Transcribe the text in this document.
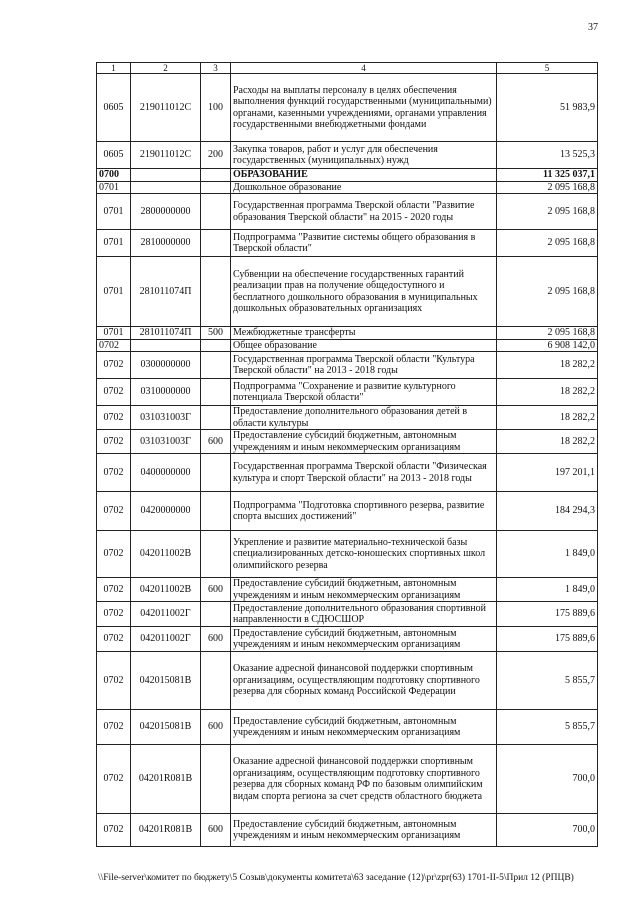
37
1	2	3	4	5
0605	219011012С	100	Расходы на выплаты персоналу в целях обеспечения выполнения функций государственными (муниципальными) органами, казенными учреждениями, органами управления государственными внебюджетными фондами	51 983,9
0605	219011012С	200	Закупка товаров, работ и услуг для обеспечения государственных (муниципальных) нужд	13 525,3
0700			ОБРАЗОВАНИЕ	11 325 037,1
0701			Дошкольное образование	2 095 168,8
0701	2800000000		Государственная программа Тверской области "Развитие образования Тверской области" на 2015 - 2020 годы	2 095 168,8
0701	2810000000		Подпрограмма "Развитие системы общего образования в Тверской области"	2 095 168,8
0701	281011074П		Субвенции на обеспечение государственных гарантий реализации прав на получение общедоступного и бесплатного дошкольного образования в муниципальных дошкольных образовательных организациях	2 095 168,8
0701	281011074П	500	Межбюджетные трансферты	2 095 168,8
0702			Общее образование	6 908 142,0
0702	0300000000		Государственная программа Тверской области "Культура Тверской области" на 2013 - 2018 годы	18 282,2
0702	0310000000		Подпрограмма "Сохранение и развитие культурного потенциала Тверской области"	18 282,2
0702	031031003Г		Предоставление дополнительного образования детей в области культуры	18 282,2
0702	031031003Г	600	Предоставление субсидий бюджетным, автономным учреждениям и иным некоммерческим организациям	18 282,2
0702	0400000000		Государственная программа Тверской области "Физическая культура и спорт Тверской области" на 2013 - 2018 годы	197 201,1
0702	0420000000		Подпрограмма "Подготовка спортивного резерва, развитие спорта высших достижений"	184 294,3
0702	042011002В		Укрепление и развитие материально-технической базы специализированных детско-юношеских спортивных школ олимпийского резерва	1 849,0
0702	042011002В	600	Предоставление субсидий бюджетным, автономным учреждениям и иным некоммерческим организациям	1 849,0
0702	042011002Г		Предоставление дополнительного образования спортивной направленности в СДЮСШОР	175 889,6
0702	042011002Г	600	Предоставление субсидий бюджетным, автономным учреждениям и иным некоммерческим организациям	175 889,6
0702	042015081В		Оказание адресной финансовой поддержки спортивным организациям, осуществляющим подготовку спортивного резерва для сборных команд Российской Федерации	5 855,7
0702	042015081В	600	Предоставление субсидий бюджетным, автономным учреждениям и иным некоммерческим организациям	5 855,7
0702	04201R081В		Оказание адресной финансовой поддержки спортивным организациям, осуществляющим подготовку спортивного резерва для сборных команд РФ по базовым олимпийским видам спорта региона за счет средств областного бюджета	700,0
0702	04201R081В	600	Предоставление субсидий бюджетным, автономным учреждениям и иным некоммерческим организациям	700,0
\\File-server\комитет по бюджету\5 Созыв\документы комитета\63 заседание (12)\pr\zpr(63) 1701-II-5\Прил 12 (РПЦВ)
